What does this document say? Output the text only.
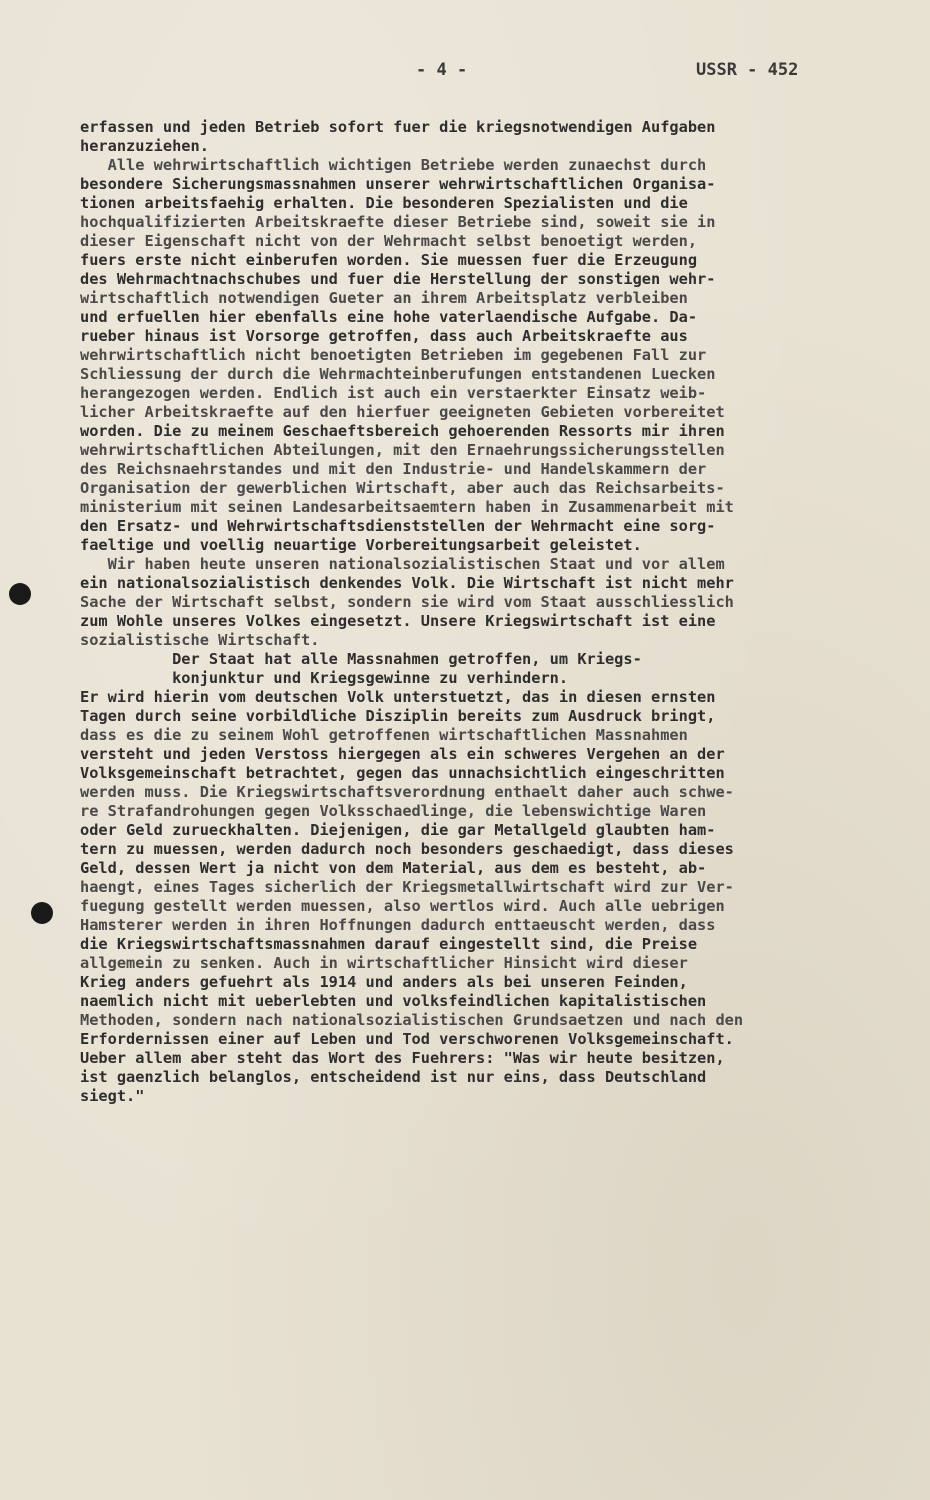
- 4 -	USSR - 452
erfassen und jeden Betrieb sofort fuer die kriegsnotwendigen Aufgaben
heranzuziehen.
Alle wehrwirtschaftlich wichtigen Betriebe werden zunaechst durch
besondere Sicherungsmassnahmen unserer wehrwirtschaftlichen Organisa-
tionen arbeitsfaehig erhalten. Die besonderen Spezialisten und die
hochqualifizierten Arbeitskraefte dieser Betriebe sind, soweit sie in
dieser Eigenschaft nicht von der Wehrmacht selbst benoetigt werden,
fuers erste nicht einberufen worden. Sie muessen fuer die Erzeugung
des Wehrmachtnachschubes und fuer die Herstellung der sonstigen wehr-
wirtschaftlich notwendigen Gueter an ihrem Arbeitsplatz verbleiben
und erfuellen hier ebenfalls eine hohe vaterlaendische Aufgabe. Da-
rueber hinaus ist Vorsorge getroffen, dass auch Arbeitskraefte aus
wehrwirtschaftlich nicht benoetigten Betrieben im gegebenen Fall zur
Schliessung der durch die Wehrmachteinberufungen entstandenen Luecken
herangezogen werden. Endlich ist auch ein verstaerkter Einsatz weib-
licher Arbeitskraefte auf den hierfuer geeigneten Gebieten vorbereitet
worden. Die zu meinem Geschaeftsbereich gehoerenden Ressorts mir ihren
wehrwirtschaftlichen Abteilungen, mit den Ernaehrungssicherungsstellen
des Reichsnaehrstandes und mit den Industrie- und Handelskammern der
Organisation der gewerblichen Wirtschaft, aber auch das Reichsarbeits-
ministerium mit seinen Landesarbeitsaemtern haben in Zusammenarbeit mit
den Ersatz- und Wehrwirtschaftsdienststellen der Wehrmacht eine sorg-
faeltige und voellig neuartige Vorbereitungsarbeit geleistet.
Wir haben heute unseren nationalsozialistischen Staat und vor allem
ein nationalsozialistisch denkendes Volk. Die Wirtschaft ist nicht mehr
Sache der Wirtschaft selbst, sondern sie wird vom Staat ausschliesslich
zum Wohle unseres Volkes eingesetzt. Unsere Kriegswirtschaft ist eine
sozialistische Wirtschaft.
Der Staat hat alle Massnahmen getroffen, um Kriegs-
konjunktur und Kriegsgewinne zu verhindern.
Er wird hierin vom deutschen Volk unterstuetzt, das in diesen ernsten
Tagen durch seine vorbildliche Disziplin bereits zum Ausdruck bringt,
dass es die zu seinem Wohl getroffenen wirtschaftlichen Massnahmen
versteht und jeden Verstoss hiergegen als ein schweres Vergehen an der
Volksgemeinschaft betrachtet, gegen das unnachsichtlich eingeschritten
werden muss. Die Kriegswirtschaftsverordnung enthaelt daher auch schwe-
re Strafandrohungen gegen Volksschaedlinge, die lebenswichtige Waren
oder Geld zurueckhalten. Diejenigen, die gar Metallgeld glaubten ham-
tern zu muessen, werden dadurch noch besonders geschaedigt, dass dieses
Geld, dessen Wert ja nicht von dem Material, aus dem es besteht, ab-
haengt, eines Tages sicherlich der Kriegsmetallwirtschaft wird zur Ver-
fuegung gestellt werden muessen, also wertlos wird. Auch alle uebrigen
Hamsterer werden in ihren Hoffnungen dadurch enttaeuscht werden, dass
die Kriegswirtschaftsmassnahmen darauf eingestellt sind, die Preise
allgemein zu senken. Auch in wirtschaftlicher Hinsicht wird dieser
Krieg anders gefuehrt als 1914 und anders als bei unseren Feinden,
naemlich nicht mit ueberlebten und volksfeindlichen kapitalistischen
Methoden, sondern nach nationalsozialistischen Grundsaetzen und nach den
Erfordernissen einer auf Leben und Tod verschworenen Volksgemeinschaft.
Ueber allem aber steht das Wort des Fuehrers: "Was wir heute besitzen,
ist gaenzlich belanglos, entscheidend ist nur eins, dass Deutschland
siegt."
